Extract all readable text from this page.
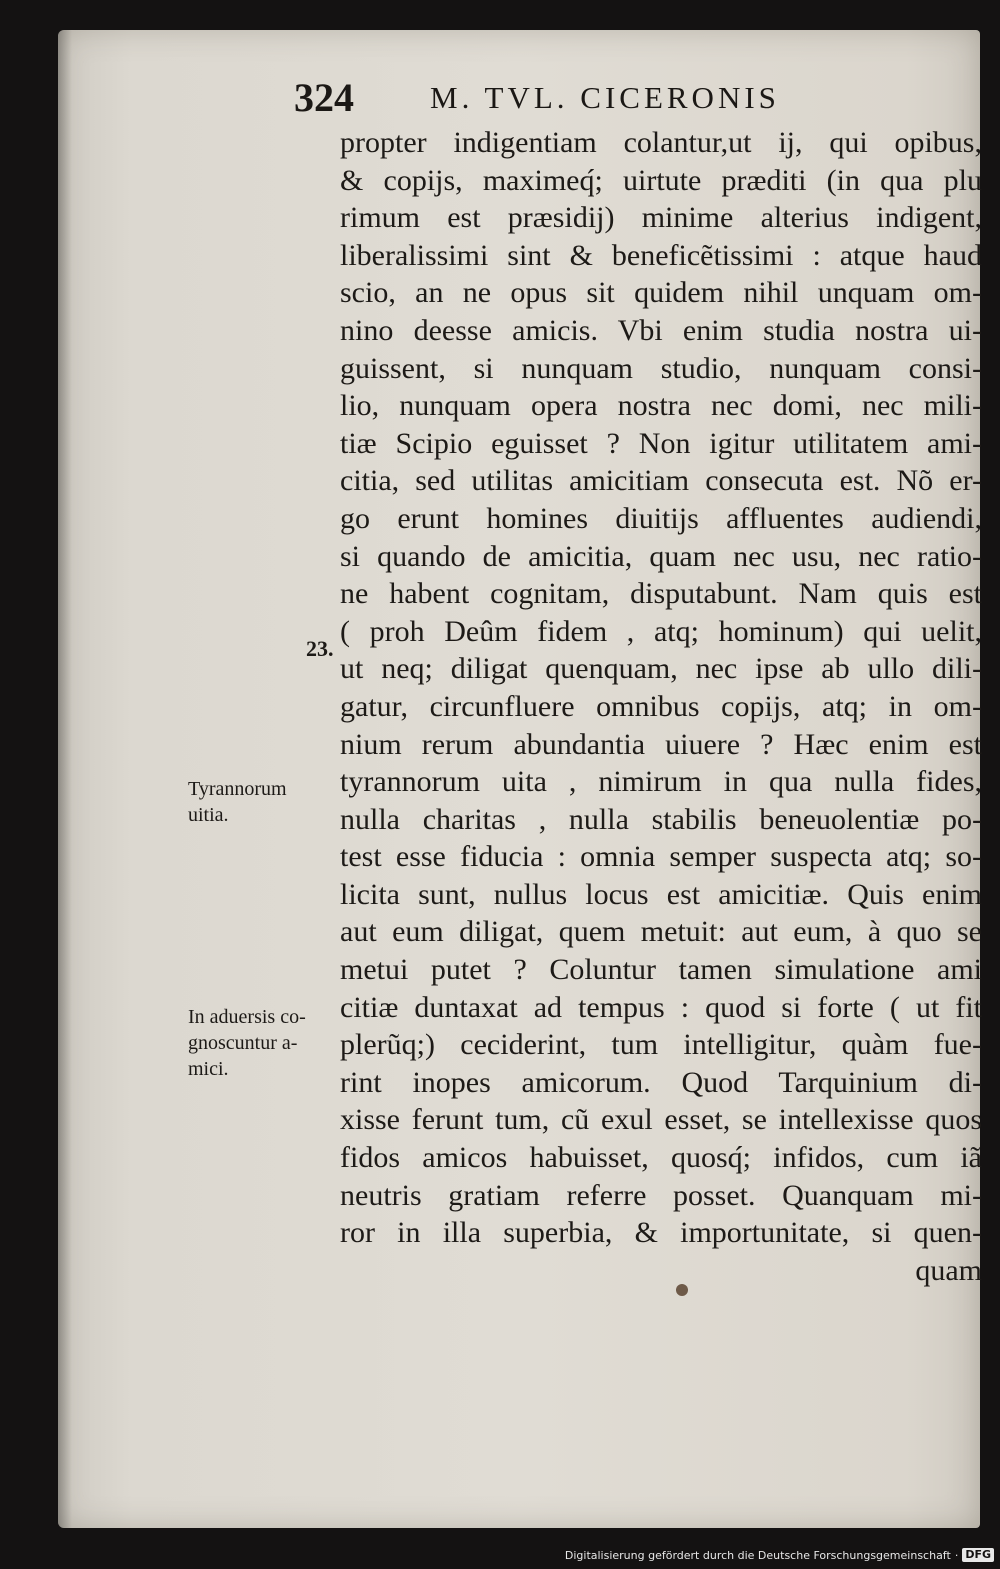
324 M. TVL. CICERONIS
propter indigentiam colantur,ut ij, qui opibus,
& copijs, maximeq́; uirtute præditi (in qua plu
rimum est præsidij) minime alterius indigent,
liberalissimi sint & beneficẽtissimi : atque haud
scio, an ne opus sit quidem nihil unquam om-
nino deesse amicis. Vbi enim studia nostra ui-
guissent, si nunquam studio, nunquam consi-
lio, nunquam opera nostra nec domi, nec mili-
tiæ Scipio eguisset ? Non igitur utilitatem ami-
citia, sed utilitas amicitiam consecuta est. Nõ er-
go erunt homines diuitijs affluentes audiendi,
si quando de amicitia, quam nec usu, nec ratio-
ne habent cognitam, disputabunt. Nam quis est
( proh Deûm fidem , atq; hominum) qui uelit,
ut neq; diligat quenquam, nec ipse ab ullo dili-
gatur, circunfluere omnibus copijs, atq; in om-
nium rerum abundantia uiuere ? Hæc enim est
tyrannorum uita , nimirum in qua nulla fides,
nulla charitas , nulla stabilis beneuolentiæ po-
test esse fiducia : omnia semper suspecta atq; so-
licita sunt, nullus locus est amicitiæ. Quis enim
aut eum diligat, quem metuit: aut eum, à quo se
metui putet ? Coluntur tamen simulatione ami
citiæ duntaxat ad tempus : quod si forte ( ut fit
plerũq;) ceciderint, tum intelligitur, quàm fue-
rint inopes amicorum. Quod Tarquinium di-
xisse ferunt tum, cũ exul esset, se intellexisse quos
fidos amicos habuisset, quosq́; infidos, cum iã
neutris gratiam referre posset. Quanquam mi-
ror in illa superbia, & importunitate, si quen-
quam
23.
Tyrannorum
uitia.
In aduersis co-
gnoscuntur a-
mici.
Digitalisierung gefördert durch die Deutsche Forschungsgemeinschaft · DFG
